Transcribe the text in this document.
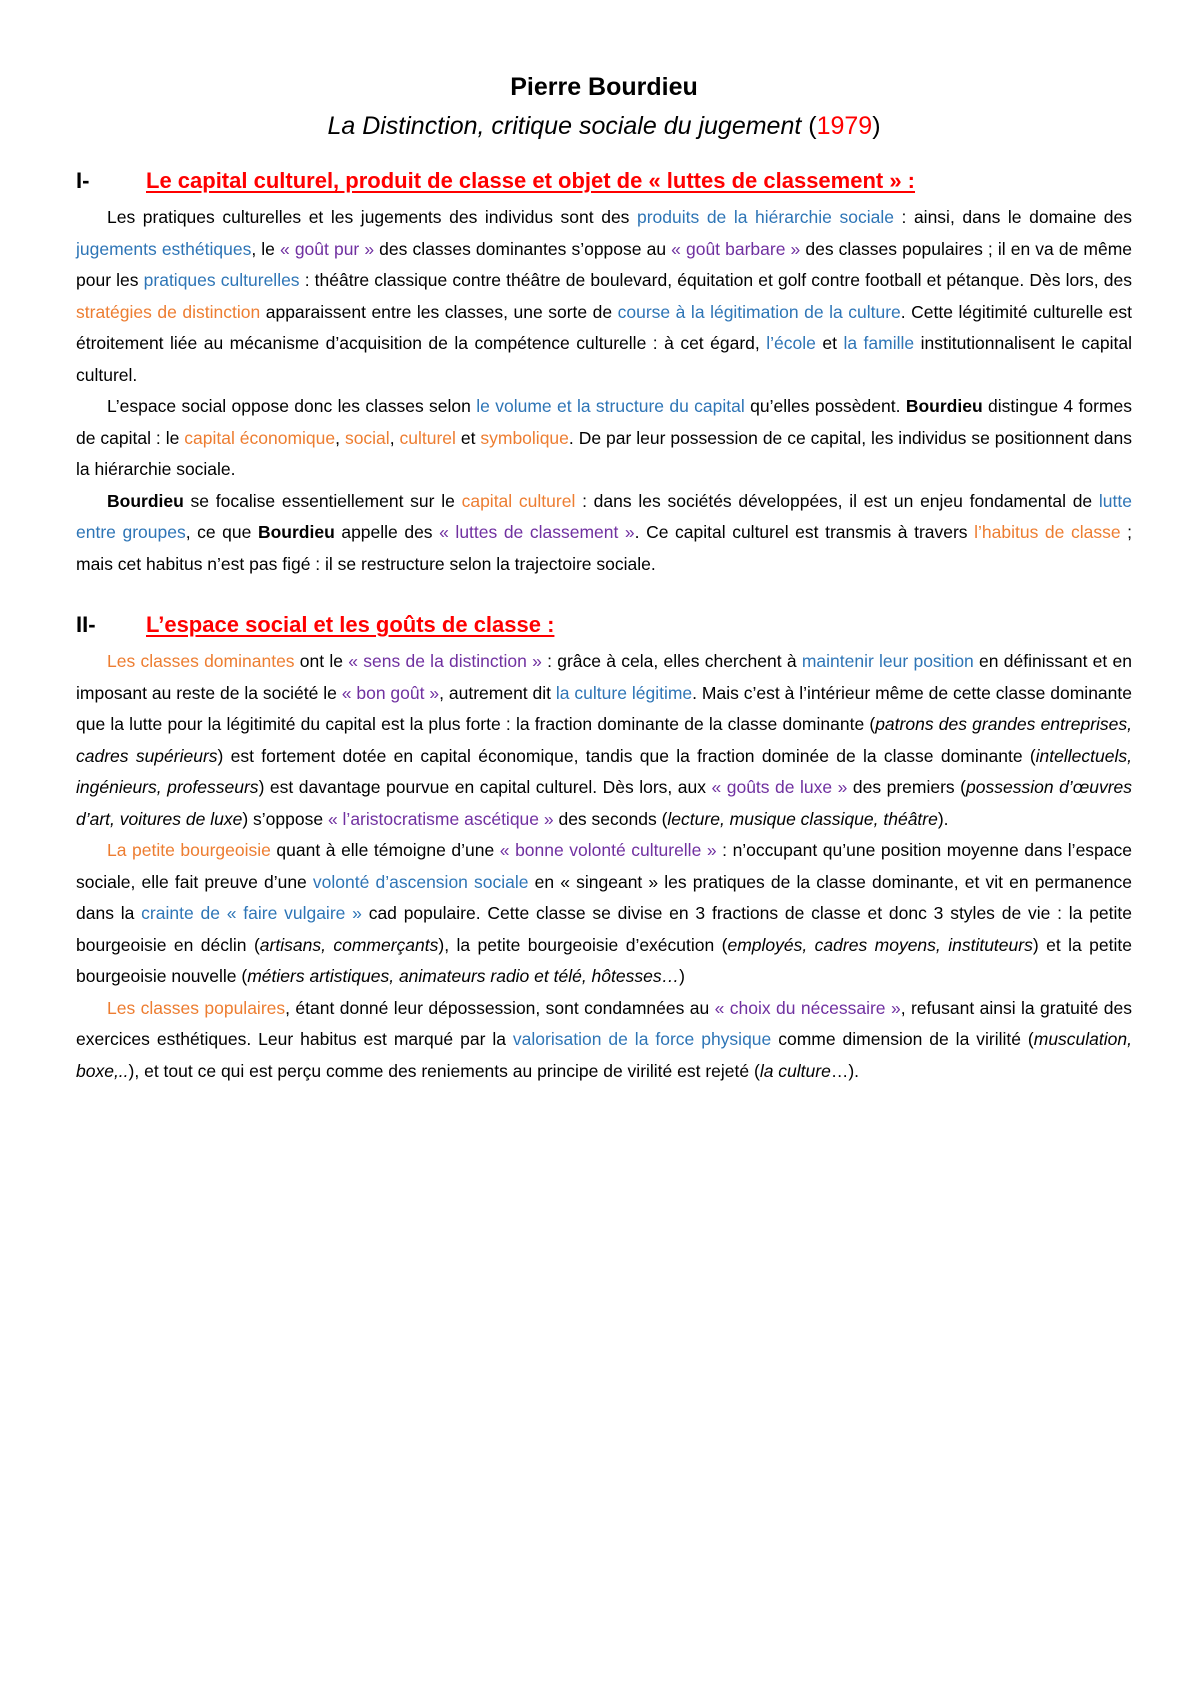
Pierre Bourdieu

La Distinction, critique sociale du jugement (1979)

I-	Le capital culturel, produit de classe et objet de « luttes de classement » :

Les pratiques culturelles et les jugements des individus sont des produits de la hiérarchie sociale : ainsi, dans le domaine des jugements esthétiques, le « goût pur » des classes dominantes s’oppose au « goût barbare » des classes populaires ; il en va de même pour les pratiques culturelles : théâtre classique contre théâtre de boulevard, équitation et golf contre football et pétanque. Dès lors, des stratégies de distinction apparaissent entre les classes, une sorte de course à la légitimation de la culture. Cette légitimité culturelle est étroitement liée au mécanisme d’acquisition de la compétence culturelle : à cet égard, l’école et la famille institutionnalisent le capital culturel.

L’espace social oppose donc les classes selon le volume et la structure du capital qu’elles possèdent. Bourdieu distingue 4 formes de capital : le capital économique, social, culturel et symbolique. De par leur possession de ce capital, les individus se positionnent dans la hiérarchie sociale.

Bourdieu se focalise essentiellement sur le capital culturel : dans les sociétés développées, il est un enjeu fondamental de lutte entre groupes, ce que Bourdieu appelle des « luttes de classement ». Ce capital culturel est transmis à travers l’habitus de classe ; mais cet habitus n’est pas figé : il se restructure selon la trajectoire sociale.

II-	L’espace social et les goûts de classe :

Les classes dominantes ont le « sens de la distinction » : grâce à cela, elles cherchent à maintenir leur position en définissant et en imposant au reste de la société le « bon goût », autrement dit la culture légitime. Mais c’est à l’intérieur même de cette classe dominante que la lutte pour la légitimité du capital est la plus forte : la fraction dominante de la classe dominante (patrons des grandes entreprises, cadres supérieurs) est fortement dotée en capital économique, tandis que la fraction dominée de la classe dominante (intellectuels, ingénieurs, professeurs) est davantage pourvue en capital culturel. Dès lors, aux « goûts de luxe » des premiers (possession d’œuvres d’art, voitures de luxe) s’oppose « l’aristocratisme ascétique » des seconds (lecture, musique classique, théâtre).

La petite bourgeoisie quant à elle témoigne d’une « bonne volonté culturelle » : n’occupant qu’une position moyenne dans l’espace sociale, elle fait preuve d’une volonté d’ascension sociale en « singeant » les pratiques de la classe dominante, et vit en permanence dans la crainte de « faire vulgaire » cad populaire. Cette classe se divise en 3 fractions de classe et donc 3 styles de vie : la petite bourgeoisie en déclin (artisans, commerçants), la petite bourgeoisie d’exécution (employés, cadres moyens, instituteurs) et la petite bourgeoisie nouvelle (métiers artistiques, animateurs radio et télé, hôtesses…)

Les classes populaires, étant donné leur dépossession, sont condamnées au « choix du nécessaire », refusant ainsi la gratuité des exercices esthétiques. Leur habitus est marqué par la valorisation de la force physique comme dimension de la virilité (musculation, boxe,..), et tout ce qui est perçu comme des reniements au principe de virilité est rejeté (la culture…).
